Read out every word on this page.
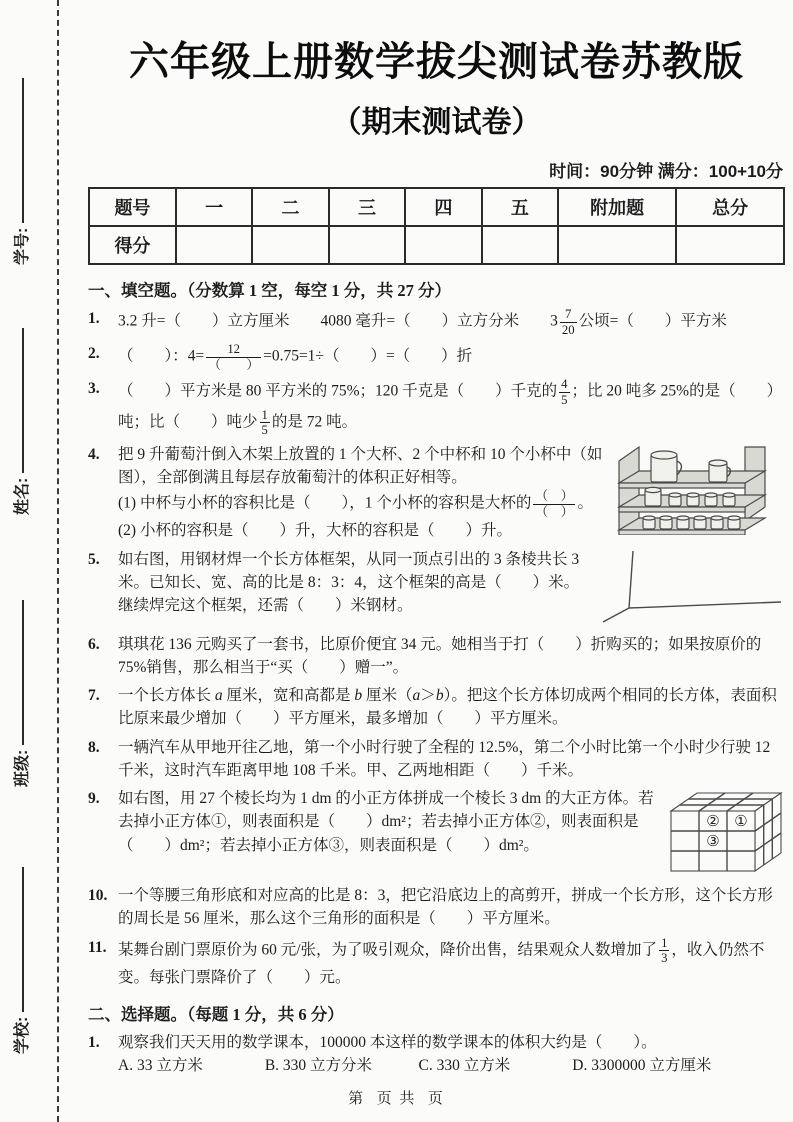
学号:
姓名:
班级:
学校:
六年级上册数学拔尖测试卷苏教版
（期末测试卷）
时间：90分钟 满分：100+10分
题号	一	二	三	四	五	附加题	总分
得分							
一、填空题。（分数算 1 空，每空 1 分，共 27 分）
1.	3.2 升=（　　）立方厘米　　4080 毫升=（　　）立方分米　　$3 \frac{7}{20}$ 公顷=（　　）平方米
2.	（　　）：$4= \frac{12}{( )} =0.75=1\div$（　　）=（　　）折
3.	（　　）平方米是 80 平方米的 75%；120 千克是（　　）千克的 $\frac{4}{5}$ ；比 20 吨多 25%的是（　　）吨；比（　　）吨少 $\frac{1}{5}$ 的是 72 吨。
4.	把 9 升葡萄汁倒入木架上放置的 1 个大杯、2 个中杯和 10 个小杯中（如图），全部倒满且每层存放葡萄汁的体积正好相等。
(1) 中杯与小杯的容积比是（　　），1 个小杯的容积是大杯的 $\frac{( )}{( )}$ 。
(2) 小杯的容积是（　　）升，大杯的容积是（　　）升。
5.	如右图，用钢材焊一个长方体框架，从同一顶点引出的 3 条棱共长 3 米。已知长、宽、高的比是 8：3：4，这个框架的高是（　　）米。继续焊完这个框架，还需（　　）米钢材。
6.	琪琪花 136 元购买了一套书，比原价便宜 34 元。她相当于打（　　）折购买的；如果按原价的 75%销售，那么相当于“买（　　）赠一”。
7.	一个长方体长 a 厘米，宽和高都是 b 厘米（a＞b）。把这个长方体切成两个相同的长方体，表面积比原来最少增加（　　）平方厘米，最多增加（　　）平方厘米。
8.	一辆汽车从甲地开往乙地，第一个小时行驶了全程的 12.5%，第二个小时比第一个小时少行驶 12 千米，这时汽车距离甲地 108 千米。甲、乙两地相距（　　）千米。
9.
② ①
③
如右图，用 27 个棱长均为 1 dm 的小正方体拼成一个棱长 3 dm 的大正方体。若去掉小正方体①，则表面积是（　　）dm²；若去掉小正方体②，则表面积是（　　）dm²；若去掉小正方体③，则表面积是（　　）dm²。
10. 一个等腰三角形底和对应高的比是 8：3，把它沿底边上的高剪开，拼成一个长方形，这个长方形的周长是 56 厘米，那么这个三角形的面积是（　　）平方厘米。
11. 某舞台剧门票原价为 60 元/张，为了吸引观众，降价出售，结果观众人数增加了 $\frac{1}{3}$ ，收入仍然不变。每张门票降价了（　　）元。
二、选择题。（每题 1 分，共 6 分）
1.	观察我们天天用的数学课本，100000 本这样的数学课本的体积大约是（　　）。
A. 33 立方米　　　　B. 330 立方分米　　　C. 330 立方米　　　　D. 3300000 立方厘米
第  页 共  页
